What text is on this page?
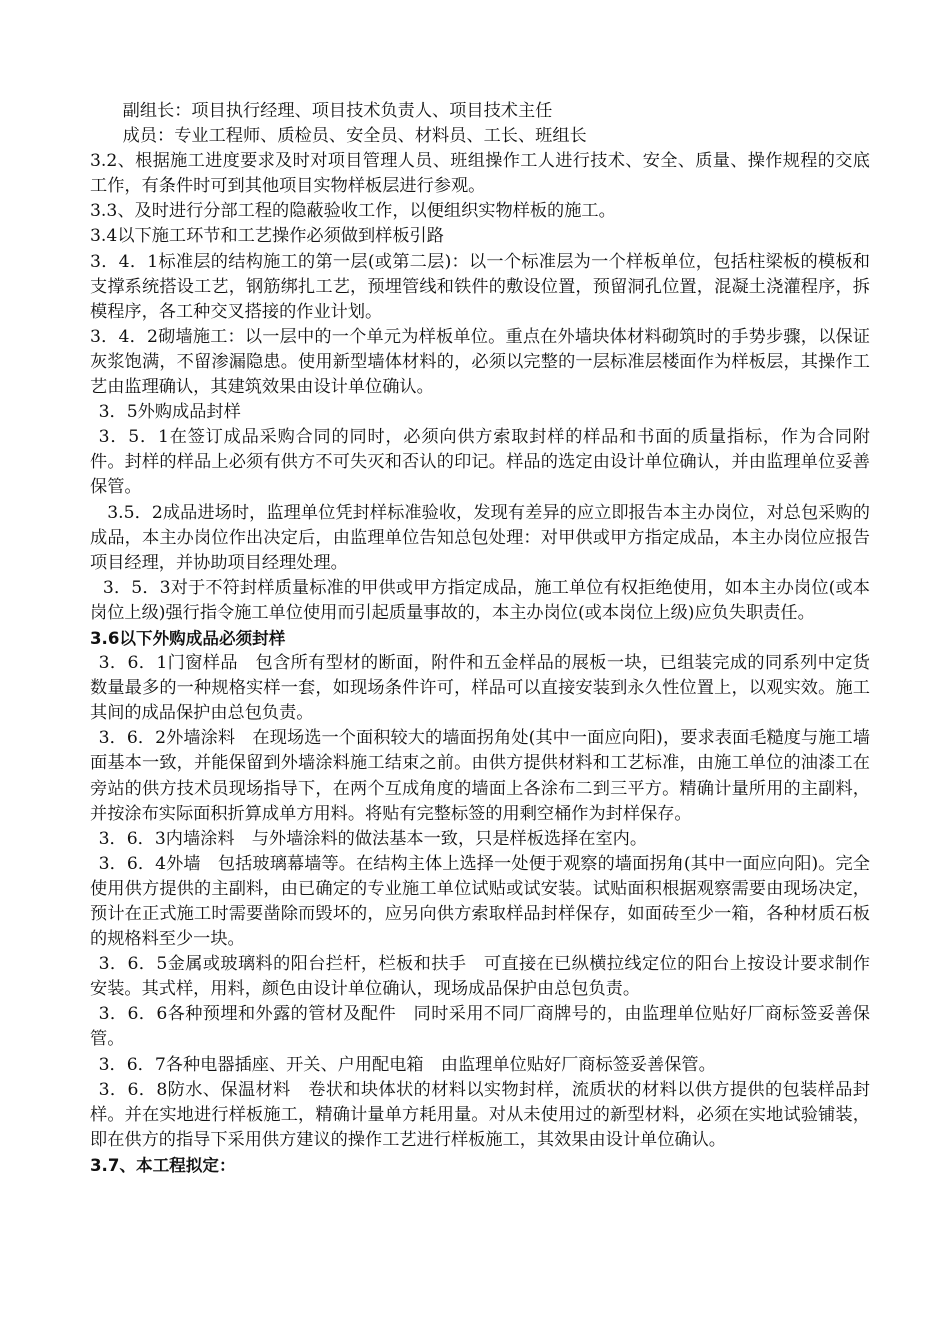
副组长：项目执行经理、项目技术负责人、项目技术主任

成员：专业工程师、质检员、安全员、材料员、工长、班组长

3.2、根据施工进度要求及时对项目管理人员、班组操作工人进行技术、安全、质量、操作规程的交底工作，有条件时可到其他项目实物样板层进行参观。

3.3、及时进行分部工程的隐蔽验收工作，以便组织实物样板的施工。

3.4以下施工环节和工艺操作必须做到样板引路

3．4．1标准层的结构施工的第一层(或第二层)：以一个标准层为一个样板单位，包括柱梁板的模板和支撑系统搭设工艺，钢筋绑扎工艺，预埋管线和铁件的敷设位置，预留洞孔位置，混凝土浇灌程序，拆模程序，各工种交叉搭接的作业计划。

3．4．2砌墙施工：以一层中的一个单元为样板单位。重点在外墙块体材料砌筑时的手势步骤，以保证灰浆饱满，不留渗漏隐患。使用新型墙体材料的，必须以完整的一层标准层楼面作为样板层，其操作工艺由监理确认，其建筑效果由设计单位确认。

3．5外购成品封样

3．5．1在签订成品采购合同的同时，必须向供方索取封样的样品和书面的质量指标，作为合同附件。封样的样品上必须有供方不可失灭和否认的印记。样品的选定由设计单位确认，并由监理单位妥善保管。

3.5．2成品进场时，监理单位凭封样标准验收，发现有差异的应立即报告本主办岗位，对总包采购的成品，本主办岗位作出决定后，由监理单位告知总包处理：对甲供或甲方指定成品，本主办岗位应报告项目经理，并协助项目经理处理。

3．5．3对于不符封样质量标准的甲供或甲方指定成品，施工单位有权拒绝使用，如本主办岗位(或本岗位上级)强行指令施工单位使用而引起质量事故的，本主办岗位(或本岗位上级)应负失职责任。

3.6以下外购成品必须封样

3．6．1门窗样品　包含所有型材的断面，附件和五金样品的展板一块，已组装完成的同系列中定货数量最多的一种规格实样一套，如现场条件许可，样品可以直接安装到永久性位置上，以观实效。施工其间的成品保护由总包负责。

3．6．2外墙涂料　在现场选一个面积较大的墙面拐角处(其中一面应向阳)，要求表面毛糙度与施工墙面基本一致，并能保留到外墙涂料施工结束之前。由供方提供材料和工艺标准，由施工单位的油漆工在旁站的供方技术员现场指导下，在两个互成角度的墙面上各涂布二到三平方。精确计量所用的主副料，并按涂布实际面积折算成单方用料。将贴有完整标签的用剩空桶作为封样保存。

3．6．3内墙涂料　与外墙涂料的做法基本一致，只是样板选择在室内。

3．6．4外墙　包括玻璃幕墙等。在结构主体上选择一处便于观察的墙面拐角(其中一面应向阳)。完全使用供方提供的主副料，由已确定的专业施工单位试贴或试安装。试贴面积根据观察需要由现场决定，预计在正式施工时需要凿除而毁坏的，应另向供方索取样品封样保存，如面砖至少一箱，各种材质石板的规格料至少一块。

3．6．5金属或玻璃料的阳台拦杆，栏板和扶手　可直接在已纵横拉线定位的阳台上按设计要求制作安装。其式样，用料，颜色由设计单位确认，现场成品保护由总包负责。

3．6．6各种预埋和外露的管材及配件　同时采用不同厂商牌号的，由监理单位贴好厂商标签妥善保管。

3．6．7各种电器插座、开关、户用配电箱　由监理单位贴好厂商标签妥善保管。

3．6．8防水、保温材料　卷状和块体状的材料以实物封样，流质状的材料以供方提供的包装样品封样。并在实地进行样板施工，精确计量单方耗用量。对从未使用过的新型材料，必须在实地试验铺装，即在供方的指导下采用供方建议的操作工艺进行样板施工，其效果由设计单位确认。

3.7、本工程拟定：
